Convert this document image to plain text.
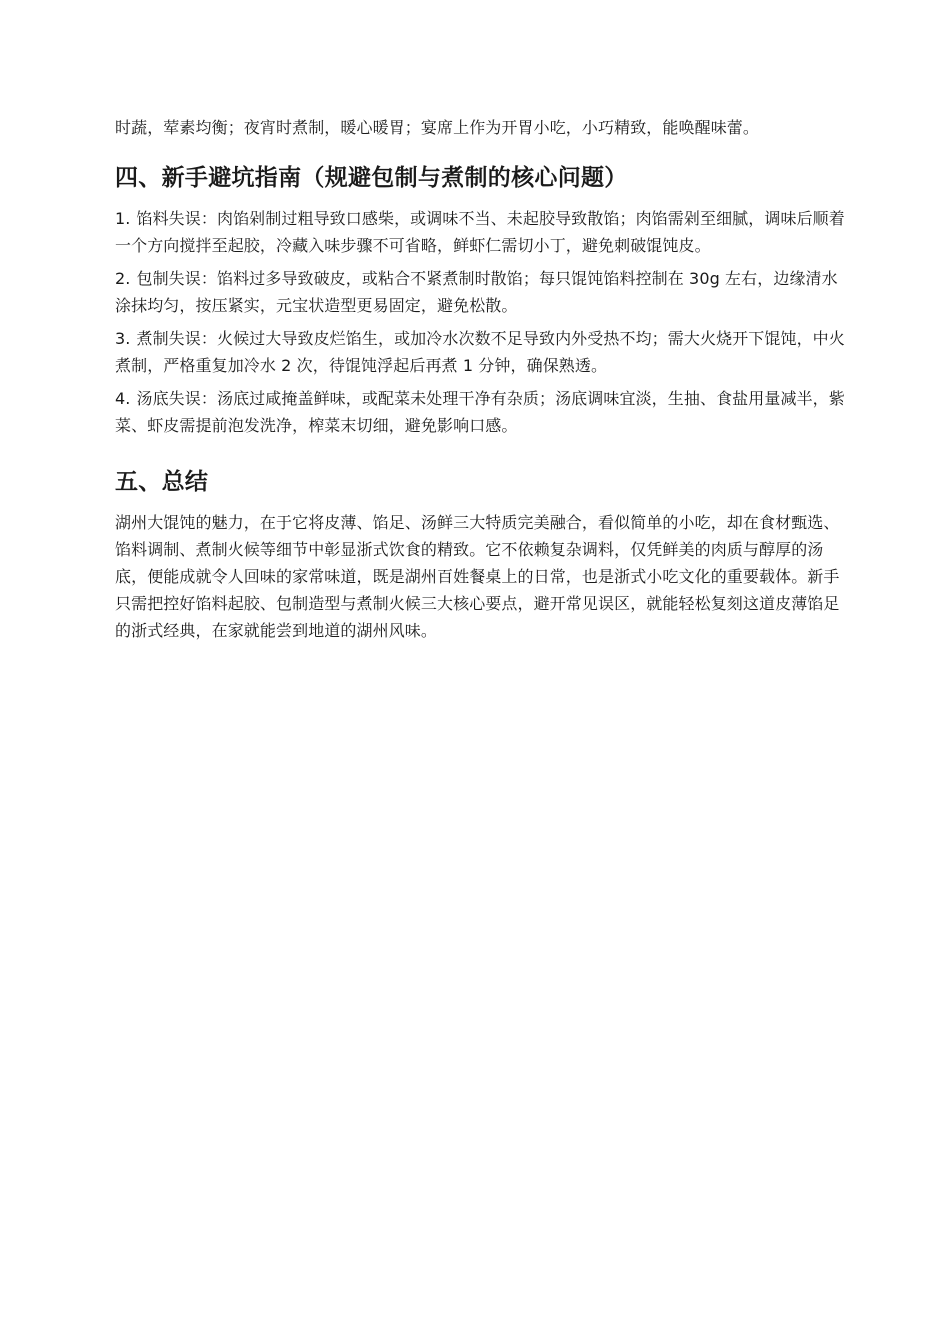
时蔬，荤素均衡；夜宵时煮制，暖心暖胃；宴席上作为开胃小吃，小巧精致，能唤醒味蕾。

四、新手避坑指南（规避包制与煮制的核心问题）

1. 馅料失误：肉馅剁制过粗导致口感柴，或调味不当、未起胶导致散馅；肉馅需剁至细腻，调味后顺着一个方向搅拌至起胶，冷藏入味步骤不可省略，鲜虾仁需切小丁，避免刺破馄饨皮。

2. 包制失误：馅料过多导致破皮，或粘合不紧煮制时散馅；每只馄饨馅料控制在 30g 左右，边缘清水涂抹均匀，按压紧实，元宝状造型更易固定，避免松散。

3. 煮制失误：火候过大导致皮烂馅生，或加冷水次数不足导致内外受热不均；需大火烧开下馄饨，中火煮制，严格重复加冷水 2 次，待馄饨浮起后再煮 1 分钟，确保熟透。

4. 汤底失误：汤底过咸掩盖鲜味，或配菜未处理干净有杂质；汤底调味宜淡，生抽、食盐用量减半，紫菜、虾皮需提前泡发洗净，榨菜末切细，避免影响口感。

五、总结

湖州大馄饨的魅力，在于它将皮薄、馅足、汤鲜三大特质完美融合，看似简单的小吃，却在食材甄选、馅料调制、煮制火候等细节中彰显浙式饮食的精致。它不依赖复杂调料，仅凭鲜美的肉质与醇厚的汤底，便能成就令人回味的家常味道，既是湖州百姓餐桌上的日常，也是浙式小吃文化的重要载体。新手只需把控好馅料起胶、包制造型与煮制火候三大核心要点，避开常见误区，就能轻松复刻这道皮薄馅足的浙式经典，在家就能尝到地道的湖州风味。
